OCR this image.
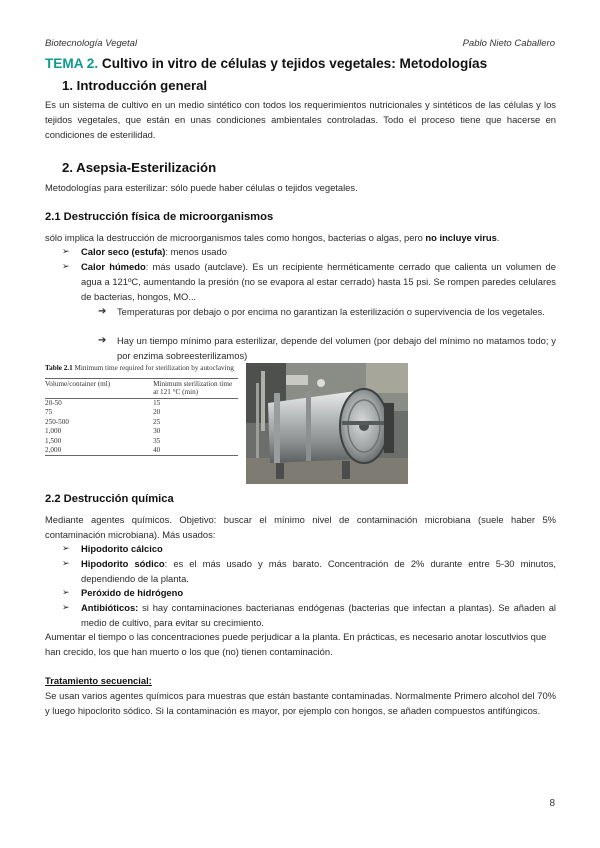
Biotecnología Vegetal	Pablo Nieto Caballero
TEMA 2. Cultivo in vitro de células y tejidos vegetales: Metodologías
1. Introducción general
Es un sistema de cultivo en un medio sintético con todos los requerimientos nutricionales y sintéticos de las células y los tejidos vegetales, que están en unas condiciones ambientales controladas. Todo el proceso tiene que hacerse en condiciones de esterilidad.
2. Asepsia-Esterilización
Metodologías para esterilizar: sólo puede haber células o tejidos vegetales.
2.1 Destrucción física de microorganismos
sólo implica la destrucción de microorganismos tales como hongos, bacterias o algas, pero no incluye virus.
➢ Calor seco (estufa): menos usado
➢ Calor húmedo: más usado (autclave). Es un recipiente herméticamente cerrado que calienta un volumen de agua a 121ºC, aumentando la presión (no se evapora al estar cerrado) hasta 15 psi. Se rompen paredes celulares de bacterias, hongos, MO...
➔ Temperaturas por debajo o por encima no garantizan la esterilización o supervivencia de los vegetales.
➔ Hay un tiempo mínimo para esterilizar, depende del volumen (por debajo del mínimo no matamos todo; y por enzima sobreesterilizamos)
Table 2.1 Minimum time required for sterilization by autoclaving
Volume/container (ml)	Minimum sterilization time at 121 °C (min)
20-50	15
75	20
250-500	25
1,000	30
1,500	35
2,000	40
2.2 Destrucción química
Mediante agentes químicos. Objetivo: buscar el mínimo nivel de contaminación microbiana (suele haber 5% contaminación microbiana). Más usados:
➢ Hipodorito cálcico
➢ Hipodorito sódico: es el más usado y más barato. Concentración de 2% durante entre 5-30 minutos, dependiendo de la planta.
➢ Peróxido de hidrógeno
➢ Antibióticos: si hay contaminaciones bacterianas endógenas (bacterias que infectan a plantas). Se añaden al medio de cultivo, para evitar su crecimiento.
Aumentar el tiempo o las concentraciones puede perjudicar a la planta. En prácticas, es necesario anotar loscutlvios que han crecido, los que han muerto o los que (no) tienen contaminación.
Tratamiento secuencial:
Se usan varios agentes químicos para muestras que están bastante contaminadas. Normalmente Primero alcohol del 70% y luego hipoclorito sódico. Si la contaminación es mayor, por ejemplo con hongos, se añaden compuestos antifúngicos.
8
